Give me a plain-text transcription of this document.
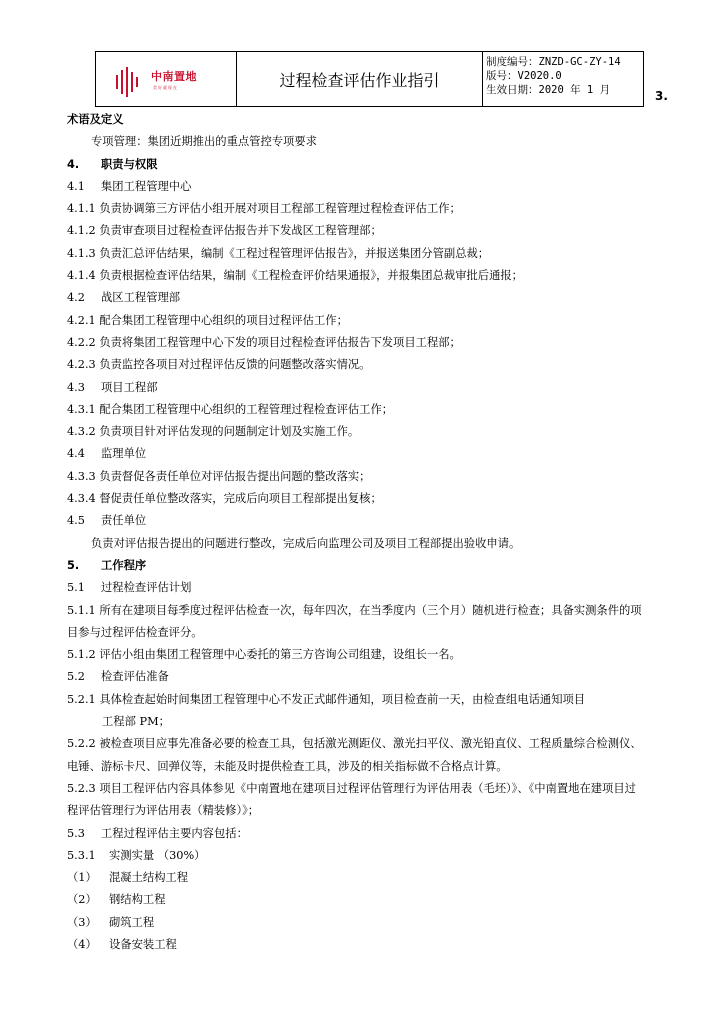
中南置地
美好就现在	过程检查评估作业指引
制度编号：ZNZD-GC-ZY-14
版号：V2020.0
生效日期：2020 年 1 月	3.
术语及定义
专项管理：集团近期推出的重点管控专项要求
4. 职责与权限
4.1 集团工程管理中心
4.1.1 负责协调第三方评估小组开展对项目工程部工程管理过程检查评估工作；
4.1.2 负责审查项目过程检查评估报告并下发战区工程管理部；
4.1.3 负责汇总评估结果，编制《工程过程管理评估报告》，并报送集团分管副总裁；
4.1.4 负责根据检查评估结果，编制《工程检查评价结果通报》，并报集团总裁审批后通报；
4.2 战区工程管理部
4.2.1 配合集团工程管理中心组织的项目过程评估工作；
4.2.2 负责将集团工程管理中心下发的项目过程检查评估报告下发项目工程部；
4.2.3 负责监控各项目对过程评估反馈的问题整改落实情况。
4.3 项目工程部
4.3.1 配合集团工程管理中心组织的工程管理过程检查评估工作；
4.3.2 负责项目针对评估发现的问题制定计划及实施工作。
4.4 监理单位
4.3.3 负责督促各责任单位对评估报告提出问题的整改落实；
4.3.4 督促责任单位整改落实，完成后向项目工程部提出复核；
4.5 责任单位
负责对评估报告提出的问题进行整改，完成后向监理公司及项目工程部提出验收申请。
5. 工作程序
5.1 过程检查评估计划
5.1.1 所有在建项目每季度过程评估检查一次，每年四次，在当季度内（三个月）随机进行检查；具备实测条件的项目参与过程评估检查评分。
5.1.2 评估小组由集团工程管理中心委托的第三方咨询公司组建，设组长一名。
5.2 检查评估准备
5.2.1 具体检查起始时间集团工程管理中心不发正式邮件通知，项目检查前一天，由检查组电话通知项目
工程部 PM；
5.2.2 被检查项目应事先准备必要的检查工具，包括激光测距仪、激光扫平仪、激光铅直仪、工程质量综合检测仪、电锤、游标卡尺、回弹仪等，未能及时提供检查工具，涉及的相关指标做不合格点计算。
5.2.3 项目工程评估内容具体参见《中南置地在建项目过程评估管理行为评估用表（毛坯）》、《中南置地在建项目过程评估管理行为评估用表（精装修）》；
5.3 工程过程评估主要内容包括：
5.3.1 实测实量 （30%）
（1） 混凝土结构工程
（2） 钢结构工程
（3） 砌筑工程
（4） 设备安装工程
